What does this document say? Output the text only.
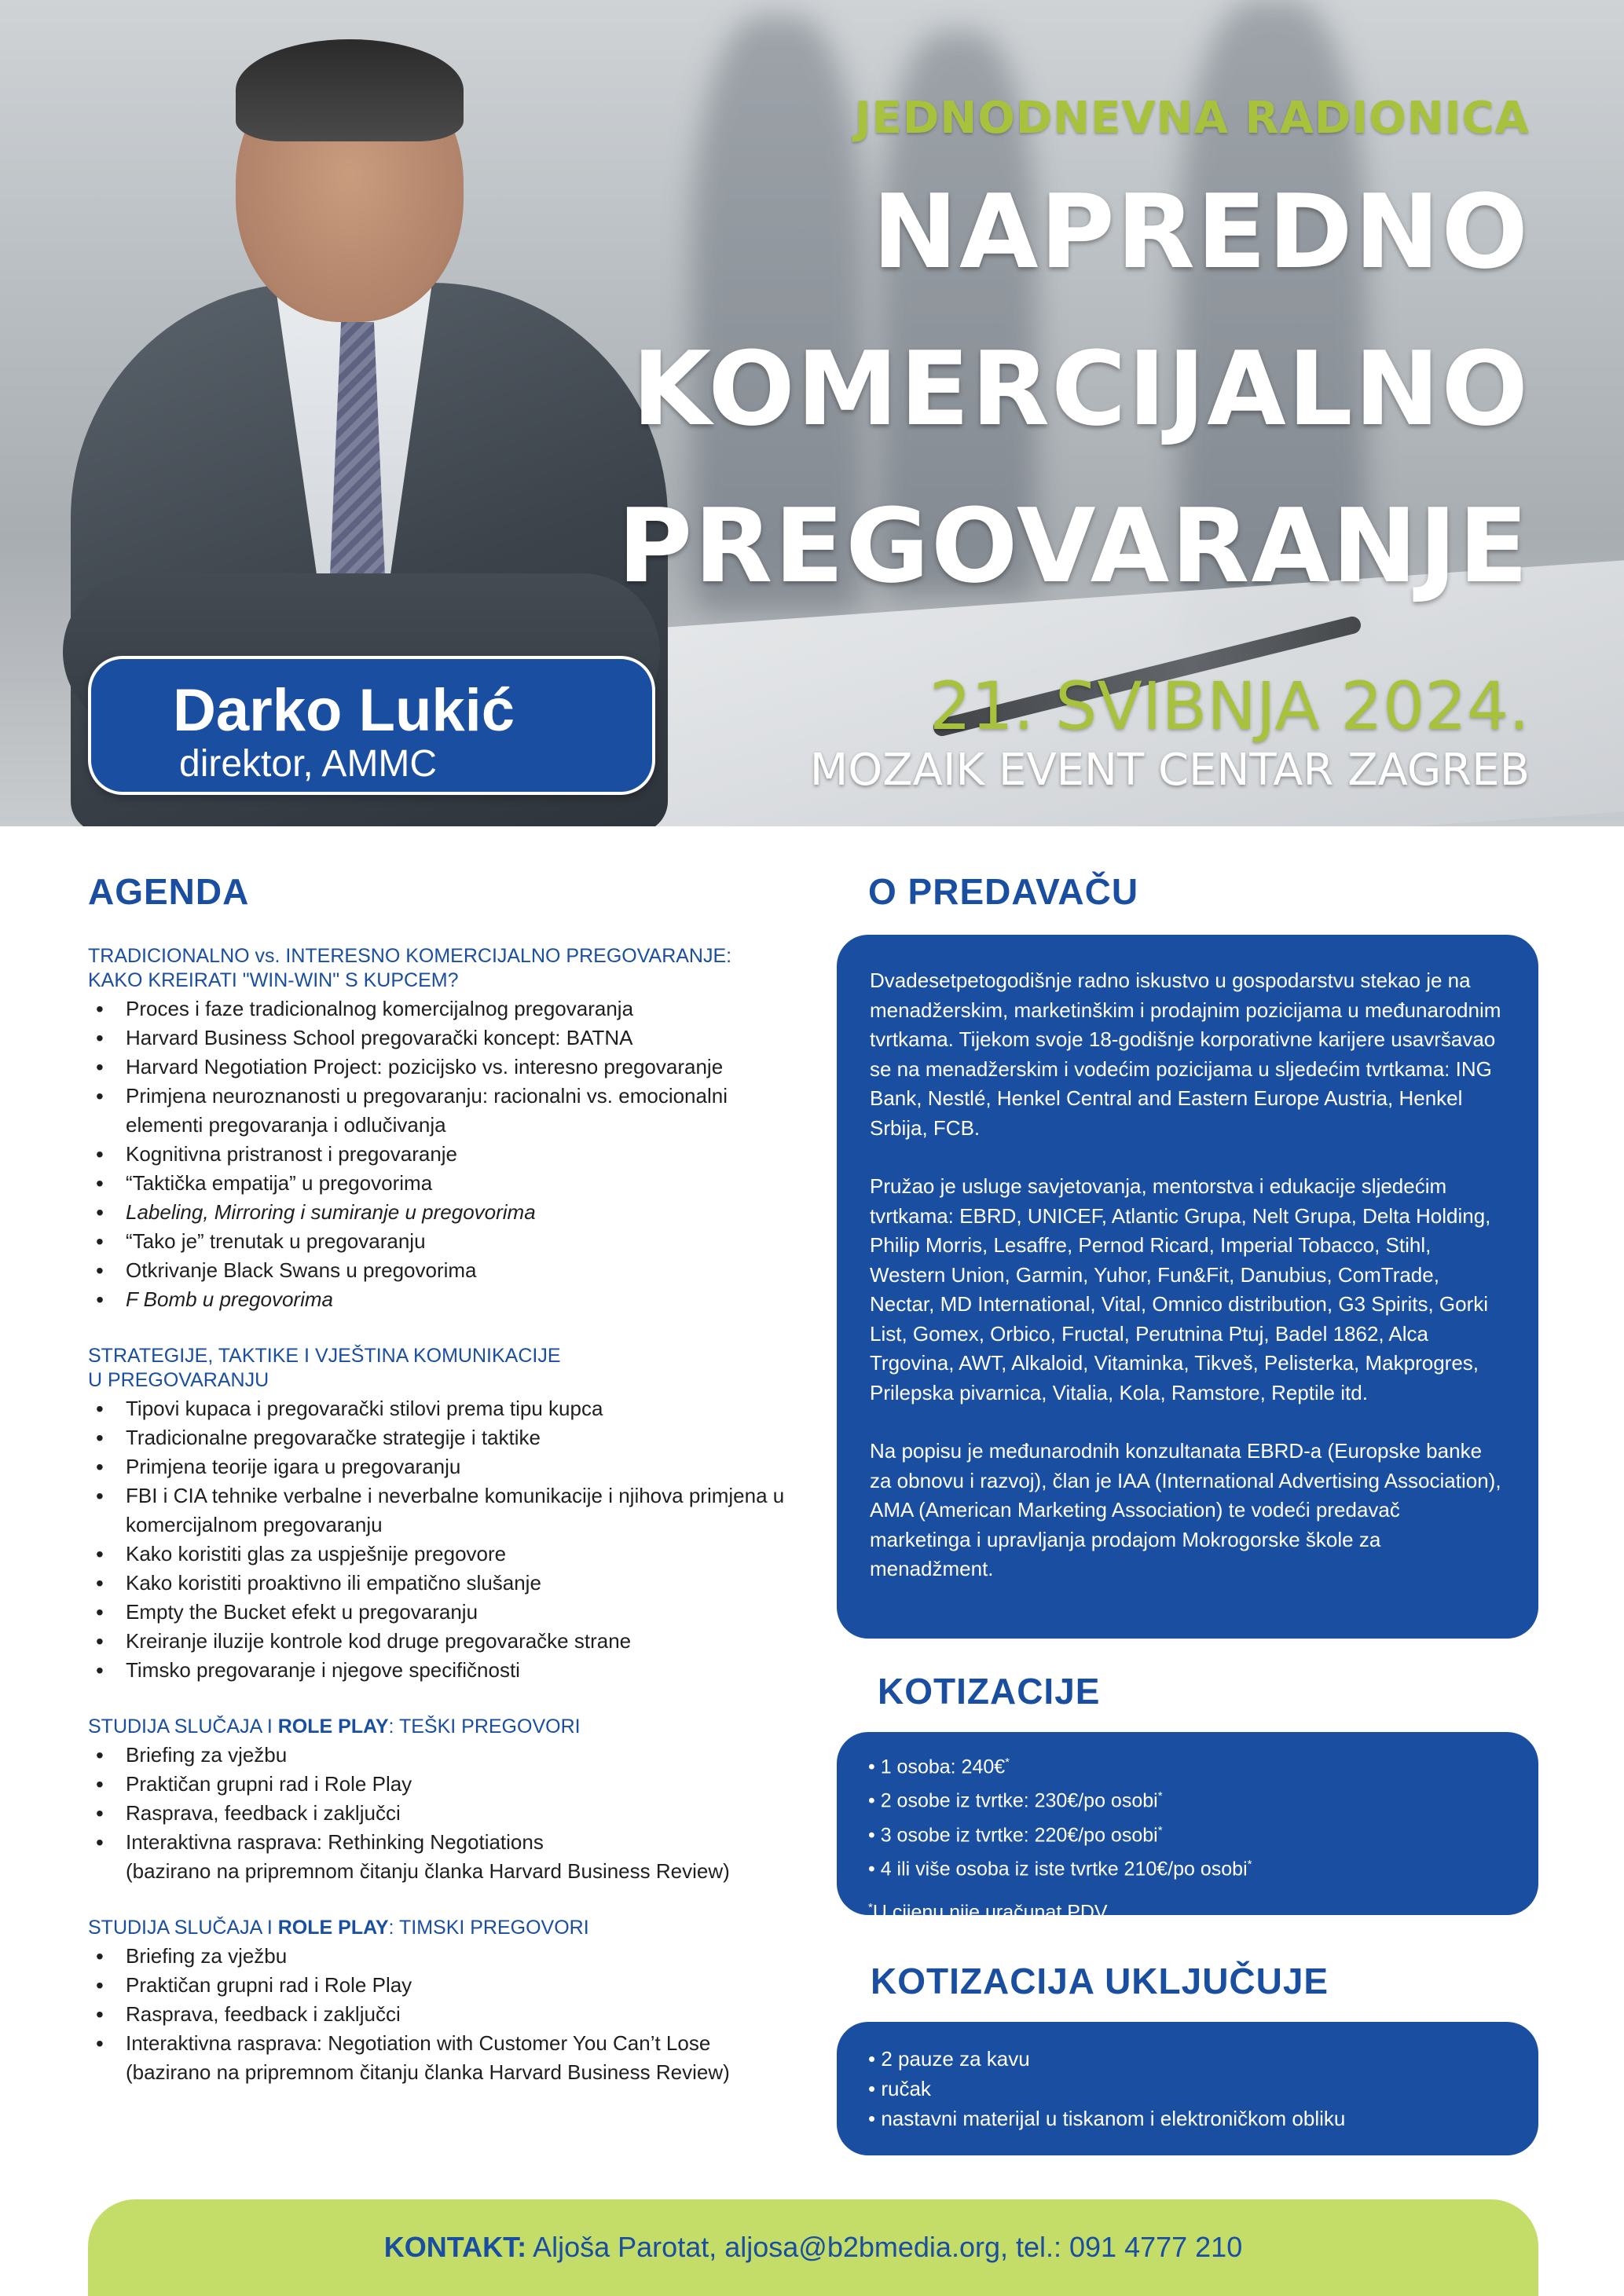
JEDNODNEVNA RADIONICA
NAPREDNO
KOMERCIJALNO
PREGOVARANJE
21. SVIBNJA 2024.
MOZAIK EVENT CENTAR ZAGREB
Darko Lukić
direktor, AMMC
AGENDA
TRADICIONALNO vs. INTERESNO KOMERCIJALNO PREGOVARANJE:
KAKO KREIRATI "WIN-WIN" S KUPCEM?
• Proces i faze tradicionalnog komercijalnog pregovaranja
• Harvard Business School pregovarački koncept: BATNA
• Harvard Negotiation Project: pozicijsko vs. interesno pregovaranje
• Primjena neuroznanosti u pregovaranju: racionalni vs. emocionalni elementi pregovaranja i odlučivanja
• Kognitivna pristranost i pregovaranje
• “Taktička empatija” u pregovorima
• Labeling, Mirroring i sumiranje u pregovorima
• “Tako je” trenutak u pregovaranju
• Otkrivanje Black Swans u pregovorima
• F Bomb u pregovorima
STRATEGIJE, TAKTIKE I VJEŠTINA KOMUNIKACIJE
U PREGOVARANJU
• Tipovi kupaca i pregovarački stilovi prema tipu kupca
• Tradicionalne pregovaračke strategije i taktike
• Primjena teorije igara u pregovaranju
• FBI i CIA tehnike verbalne i neverbalne komunikacije i njihova primjena u komercijalnom pregovaranju
• Kako koristiti glas za uspješnije pregovore
• Kako koristiti proaktivno ili empatično slušanje
• Empty the Bucket efekt u pregovaranju
• Kreiranje iluzije kontrole kod druge pregovaračke strane
• Timsko pregovaranje i njegove specifičnosti
STUDIJA SLUČAJA I ROLE PLAY: TEŠKI PREGOVORI
• Briefing za vježbu
• Praktičan grupni rad i Role Play
• Rasprava, feedback i zaključci
• Interaktivna rasprava: Rethinking Negotiations
(bazirano na pripremnom čitanju članka Harvard Business Review)
STUDIJA SLUČAJA I ROLE PLAY: TIMSKI PREGOVORI
• Briefing za vježbu
• Praktičan grupni rad i Role Play
• Rasprava, feedback i zaključci
• Interaktivna rasprava: Negotiation with Customer You Can’t Lose
(bazirano na pripremnom čitanju članka Harvard Business Review)
O PREDAVAČU

Dvadesetpetogodišnje radno iskustvo u gospodarstvu stekao je na menadžerskim, marketinškim i prodajnim pozicijama u međunarodnim tvrtkama. Tijekom svoje 18-godišnje korporativne karijere usavršavao se na menadžerskim i vodećim pozicijama u sljedećim tvrtkama: ING Bank, Nestlé, Henkel Central and Eastern Europe Austria, Henkel Srbija, FCB.

Pružao je usluge savjetovanja, mentorstva i edukacije sljedećim tvrtkama: EBRD, UNICEF, Atlantic Grupa, Nelt Grupa, Delta Holding, Philip Morris, Lesaffre, Pernod Ricard, Imperial Tobacco, Stihl, Western Union, Garmin, Yuhor, Fun&Fit, Danubius, ComTrade, Nectar, MD International, Vital, Omnico distribution, G3 Spirits, Gorki List, Gomex, Orbico, Fructal, Perutnina Ptuj, Badel 1862, Alca Trgovina, AWT, Alkaloid, Vitaminka, Tikveš, Pelisterka, Makprogres, Prilepska pivarnica, Vitalia, Kola, Ramstore, Reptile itd.

Na popisu je međunarodnih konzultanata EBRD-a (Europske banke za obnovu i razvoj), član je IAA (International Advertising Association), AMA (American Marketing Association) te vodeći predavač marketinga i upravljanja prodajom Mokrogorske škole za menadžment.

KOTIZACIJE
• 1 osoba: 240€*
• 2 osobe iz tvrtke: 230€/po osobi*
• 3 osobe iz tvrtke: 220€/po osobi*
• 4 ili više osoba iz iste tvrtke 210€/po osobi*
*U cijenu nije uračunat PDV
KOTIZACIJA UKLJUČUJE
• 2 pauze za kavu
• ručak
• nastavni materijal u tiskanom i elektroničkom obliku
KONTAKT: Aljoša Parotat, aljosa@b2bmedia.org, tel.: 091 4777 210
